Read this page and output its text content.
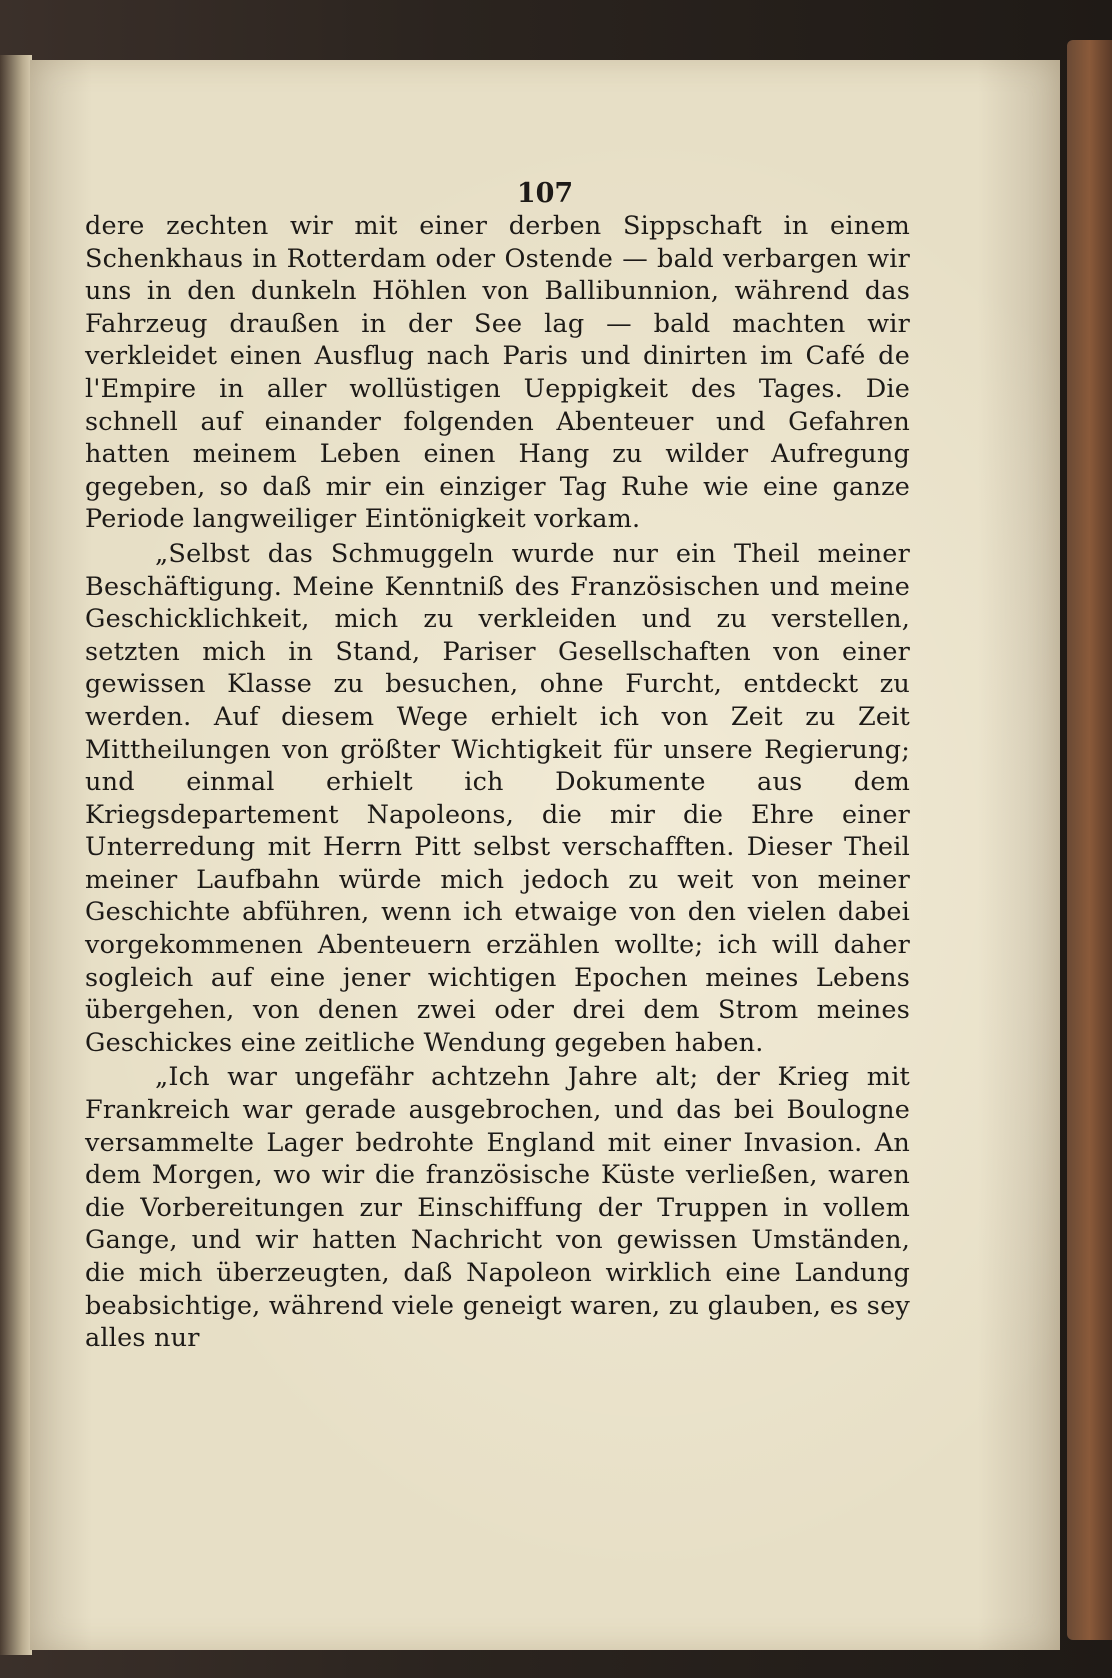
107

dere zechten wir mit einer derben Sippschaft in einem Schenkhaus in Rotterdam oder Ostende — bald verbargen wir uns in den dunkeln Höhlen von Ballibunnion, während das Fahrzeug draußen in der See lag — bald machten wir verkleidet einen Ausflug nach Paris und dinirten im Café de l'Empire in aller wollüstigen Ueppigkeit des Tages. Die schnell auf einander folgenden Abenteuer und Gefahren hatten meinem Leben einen Hang zu wilder Aufregung gegeben, so daß mir ein einziger Tag Ruhe wie eine ganze Periode langweiliger Eintönigkeit vorkam.

„Selbst das Schmuggeln wurde nur ein Theil meiner Beschäftigung. Meine Kenntniß des Französischen und meine Geschicklichkeit, mich zu verkleiden und zu verstellen, setzten mich in Stand, Pariser Gesellschaften von einer gewissen Klasse zu besuchen, ohne Furcht, entdeckt zu werden. Auf diesem Wege erhielt ich von Zeit zu Zeit Mittheilungen von größter Wichtigkeit für unsere Regierung; und einmal erhielt ich Dokumente aus dem Kriegsdepartement Napoleons, die mir die Ehre einer Unterredung mit Herrn Pitt selbst verschafften. Dieser Theil meiner Laufbahn würde mich jedoch zu weit von meiner Geschichte abführen, wenn ich etwaige von den vielen dabei vorgekommenen Abenteuern erzählen wollte; ich will daher sogleich auf eine jener wichtigen Epochen meines Lebens übergehen, von denen zwei oder drei dem Strom meines Geschickes eine zeitliche Wendung gegeben haben.

„Ich war ungefähr achtzehn Jahre alt; der Krieg mit Frankreich war gerade ausgebrochen, und das bei Boulogne versammelte Lager bedrohte England mit einer Invasion. An dem Morgen, wo wir die französische Küste verließen, waren die Vorbereitungen zur Einschiffung der Truppen in vollem Gange, und wir hatten Nachricht von gewissen Umständen, die mich überzeugten, daß Napoleon wirklich eine Landung beabsichtige, während viele geneigt waren, zu glauben, es sey alles nur
